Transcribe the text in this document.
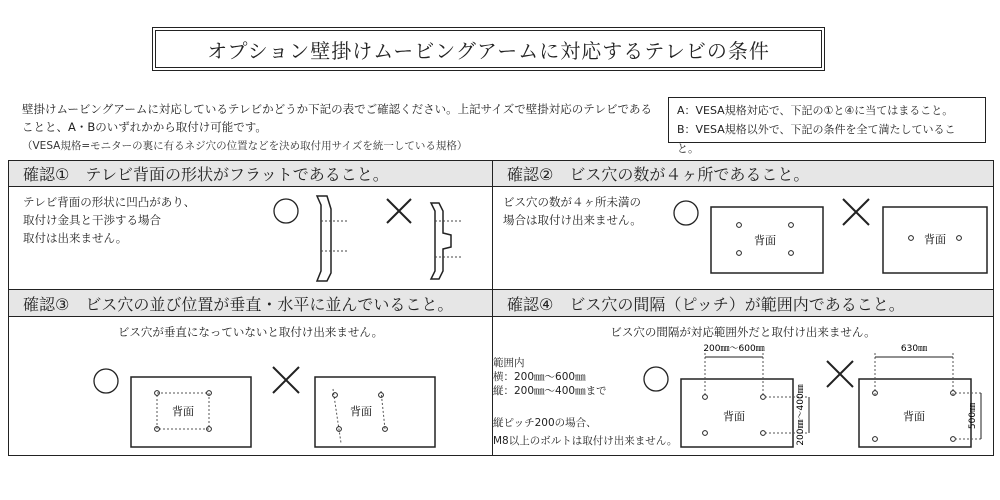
オプション壁掛けムービングアームに対応するテレビの条件
壁掛けムービングアームに対応しているテレビかどうか下記の表でご確認ください。上記サイズで壁掛対応のテレビである
ことと、A・Bのいずれかから取付け可能です。
（VESA規格=モニターの裏に有るネジ穴の位置などを決め取付用サイズを統一している規格）
A：VESA規格対応で、下記の①と④に当てはまること。
B：VESA規格以外で、下記の条件を全て満たしていること。
確認①　テレビ背面の形状がフラットであること。
テレビ背面の形状に凹凸があり、
取付け金具と干渉する場合
取付は出来ません。
確認②　ビス穴の数が４ヶ所であること。
ビス穴の数が４ヶ所未満の
場合は取付け出来ません。
背面	背面
確認③　ビス穴の並び位置が垂直・水平に並んでいること。
ビス穴が垂直になっていないと取付け出来ません。
背面	背面
確認④　ビス穴の間隔（ピッチ）が範囲内であること。
ビス穴の間隔が対応範囲外だと取付け出来ません。
範囲内
横：200㎜～600㎜
縦：200㎜～400㎜まで
縦ピッチ200の場合、
M8以上のボルトは取付け出来ません。
200㎜～600㎜
背面	200㎜～400㎜
630㎜
背面	500㎜
